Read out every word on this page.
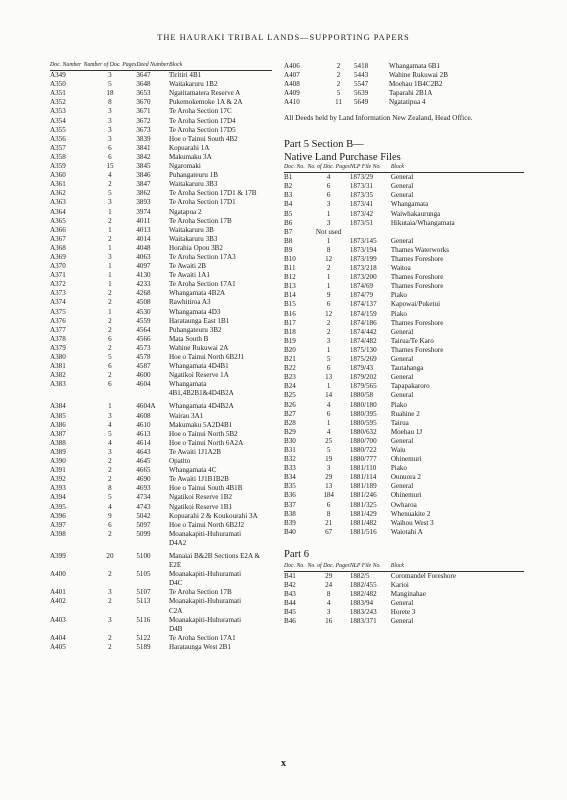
THE HAURAKI TRIBAL LANDS—SUPPORTING PAPERS
Doc. Number	Number of Doc. Pages	Deed Number	Block
A349	3	3647	Tiritiri 4B1
A350	5	3648	Waitakaruru 1B2
A351	18	3653	Ngatitamatera Reserve A
A352	8	3670	Pukemokemoke 1A & 2A
A353	3	3671	Te Aroha Section 17C
A354	3	3672	Te Aroha Section 17D4
A355	3	3673	Te Aroha Section 17D5
A356	3	3839	Hoe o Tainui South 4B2
A357	6	3841	Kopuarahi 1A
A358	6	3842	Makumaku 3A
A359	15	3845	Ngaromaki
A360	4	3846	Puhangateuru 1B
A361	2	3847	Waitakaruru 3B3
A362	5	3862	Te Aroha Section 17D1 & 17B
A363	3	3893	Te Aroha Section 17D1
A364	1	3974	Ngatapua 2
A365	2	4011	Te Aroha Section 17B
A366	1	4013	Waitakaruru 3B
A367	2	4014	Waitakaruru 3B3
A368	1	4048	Horahia Opou 3B2
A369	3	4063	Te Aroha Section 17A3
A370	1	4097	Te Awaiti 2B
A371	1	4130	Te Awaiti 1A1
A372	1	4233	Te Aroha Section 17A1
A373	2	4268	Whangamata 4B2A
A374	2	4508	Rawhitiroa A3
A375	1	4530	Whangamata 4D3
A376	2	4559	Harataunga East 1B1
A377	2	4564	Puhangateuru 3B2
A378	6	4566	Mata South B
A379	2	4573	Wahine Rukuwai 2A
A380	5	4578	Hoe o Tainui North 6B2J1
A381	6	4587	Whangamata 4D4B1
A382	2	4600	Ngatikoi Reserve 1A
A383	6	4604	Whangamata
			4B1,4B2B1&4D4B2A
A384	1	4604A	Whangamata 4D4B2A
A385	3	4608	Wairau 3A1
A386	4	4610	Makumaku 5A2D4B1
A387	5	4613	Hoe o Tainui North 5B2
A388	4	4614	Hoe o Tainui North 6A2A
A389	3	4643	Te Awaiti 1J1A2B
A390	2	4645	Opatito
A391	2	4665	Whangamata 4C
A392	2	4690	Te Awaiti 1J1B1B2B
A393	8	4693	Hoe o Tainui South 4B1B
A394	5	4734	Ngatikoi Reserve 1B2
A395	4	4743	Ngatikoi Reserve 1B1
A396	9	5042	Kopuarahi 2 & Koukourahi 3A
A397	6	5097	Hoe o Tainui North 6B2J2
A398	2	5099	Moanakapiti-Huhuramati
			D4A2
A399	20	5100	Manaiai B&2B Sections E2A &
			E2E
A400	2	5105	Moanakapiti-Huhuramati
			D4C
A401	3	5107	Te Aroha Section 17B
A402	2	5113	Moanakapiti-Huhuramati
			C2A
A403	3	5116	Moanakapiti-Huhuramati
			D4B
A404	2	5122	Te Aroha Section 17A1
A405	2	5189	Harataunga West 2B1
A406	2	5418	Whangamata 6B1
A407	2	5443	Wahine Rukuwai 2B
A408	2	5547	Moehau 1B4C2B2
A409	5	5639	Taparahi 2B1A
A410	11	5649	Ngatatipua 4
All Deeds held by Land Information New Zealand, Head Office.
Part 5 Section B—
Native Land Purchase Files
Doc. No.	No. of Doc. Pages	NLP File No.	Block
B1	4	1873/29	General
B2	6	1873/31	General
B3	6	1873/35	General
B4	3	1873/41	Whangamata
B5	1	1873/42	Waiwhakaurunga
B6	3	1873/51	Hikutaia/Whangamata
B7	Not used		
B8	1	1873/145	General
B9	8	1873/194	Thames Waterworks
B10	12	1873/199	Thames Foreshore
B11	2	1873/218	Waitoa
B12	1	1873/200	Thames Foreshore
B13	1	1874/69	Thames Foreshore
B14	9	1874/79	Piako
B15	6	1874/137	Kapowai/Puketui
B16	12	1874/159	Piako
B17	2	1874/186	Thames Foreshore
B18	2	1874/442	General
B19	3	1874/482	Tairua/Te Karo
B20	1	1875/130	Thames Foreshore
B21	5	1875/269	General
B22	6	1879/43	Tautahanga
B23	13	1879/202	General
B24	1	1879/565	Tapapakaroro
B25	14	1880/58	General
B26	4	1880/180	Piako
B27	6	1880/395	Ruahine 2
B28	1	1880/595	Tairua
B29	4	1880/632	Moehau 1J
B30	25	1880/700	General
B31	5	1880/722	Waiu
B32	19	1880/777	Ohinemuri
B33	3	1881/110	Piako
B34	29	1881/114	Ounuora 2
B35	13	1881/189	General
B36	184	1881/246	Ohinemuri
B37	6	1881/325	Owharoa
B38	8	1881/429	Whenuakite 2
B39	21	1881/482	Waihou West 3
B40	67	1881/516	Waiotahi A
Part 6
Doc. No.	No. of Doc. Pages	NLP File No.	Block
B41	29	1882/5	Coromandel Foreshore
B42	24	1882/455	Karioi
B43	8	1882/482	Manginahae
B44	4	1883/94	General
B45	3	1883/243	Horete 3
B46	16	1883/371	General
x
